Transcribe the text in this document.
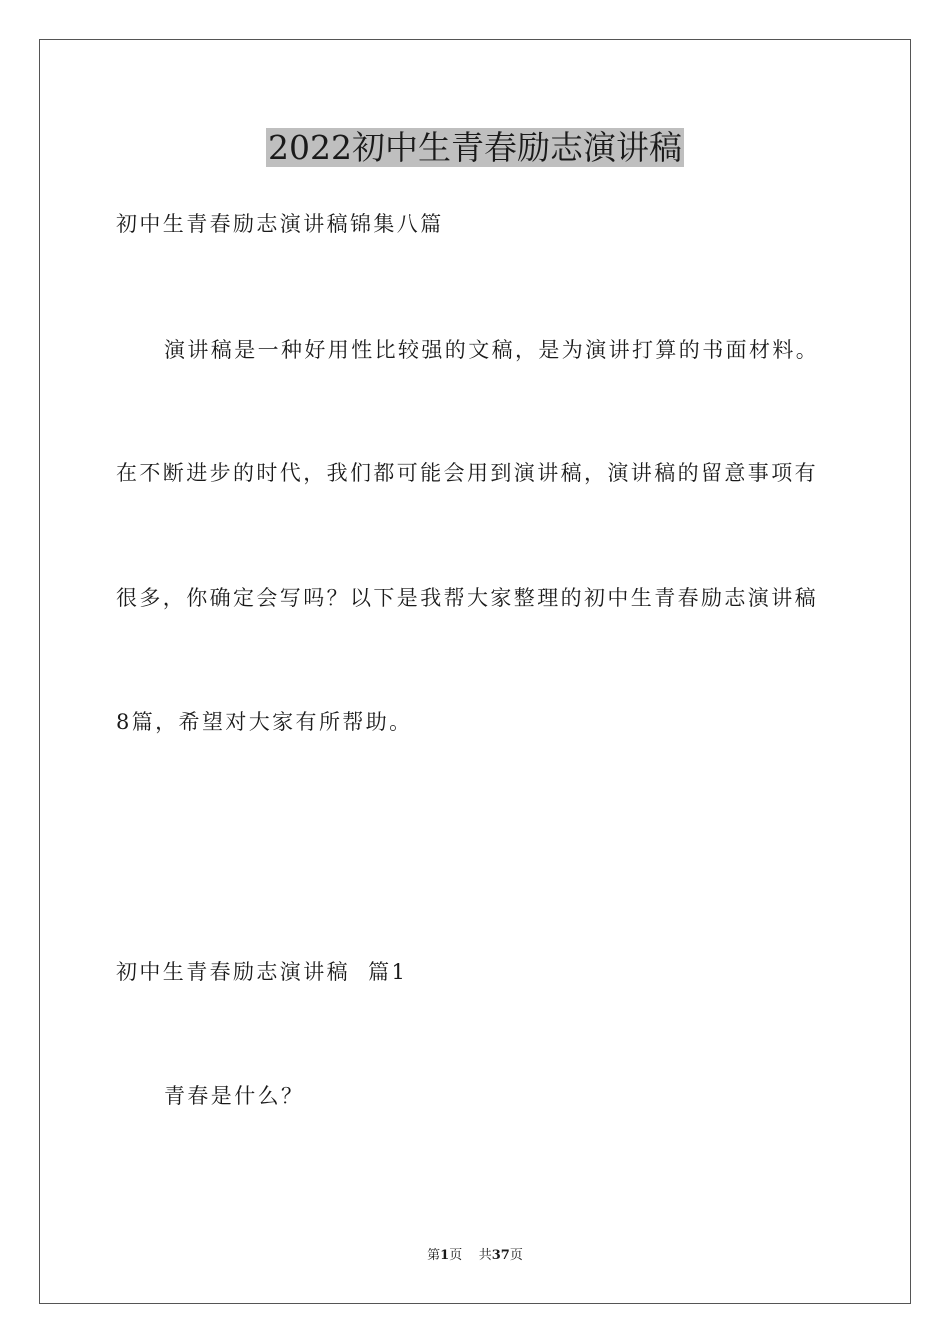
2022初中生青春励志演讲稿
初中生青春励志演讲稿锦集八篇
演讲稿是一种好用性比较强的文稿，是为演讲打算的书面材料。
在不断进步的时代，我们都可能会用到演讲稿，演讲稿的留意事项有
很多，你确定会写吗？以下是我帮大家整理的初中生青春励志演讲稿
8篇，希望对大家有所帮助。
初中生青春励志演讲稿  篇1
青春是什么？
第1页    共37页
